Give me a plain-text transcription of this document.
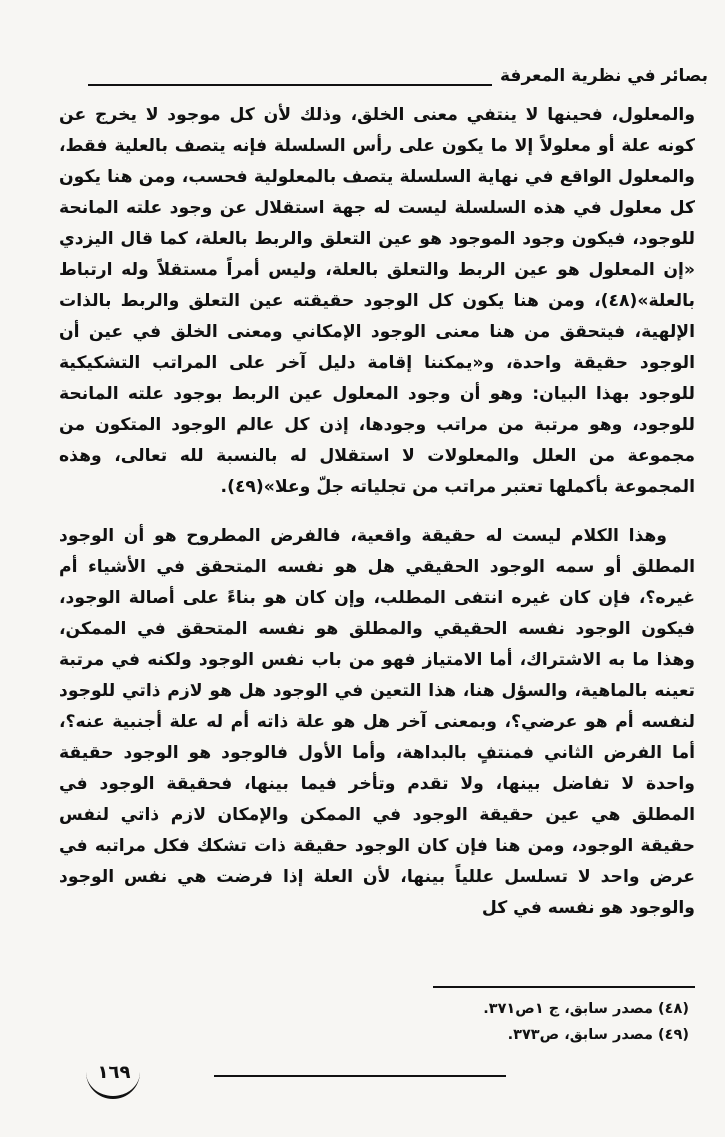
بصائر في نظرية المعرفة

والمعلول، فحينها لا ينتفي معنى الخلق، وذلك لأن كل موجود لا يخرج عن كونه علة أو معلولاً إلا ما يكون على رأس السلسلة فإنه يتصف بالعلية فقط، والمعلول الواقع في نهاية السلسلة يتصف بالمعلولية فحسب، ومن هنا يكون كل معلول في هذه السلسلة ليست له جهة استقلال عن وجود علته المانحة للوجود، فيكون وجود الموجود هو عين التعلق والربط بالعلة، كما قال اليزدي «إن المعلول هو عين الربط والتعلق بالعلة، وليس أمراً مستقلاً وله ارتباط بالعلة»(٤٨)، ومن هنا يكون كل الوجود حقيقته عين التعلق والربط بالذات الإلهية، فيتحقق من هنا معنى الوجود الإمكاني ومعنى الخلق في عين أن الوجود حقيقة واحدة، و«يمكننا إقامة دليل آخر على المراتب التشكيكية للوجود بهذا البيان: وهو أن وجود المعلول عين الربط بوجود علته المانحة للوجود، وهو مرتبة من مراتب وجودها، إذن كل عالم الوجود المتكون من مجموعة من العلل والمعلولات لا استقلال له بالنسبة لله تعالى، وهذه المجموعة بأكملها تعتبر مراتب من تجلياته جلّ وعلا»(٤٩).

وهذا الكلام ليست له حقيقة واقعية، فالفرض المطروح هو أن الوجود المطلق أو سمه الوجود الحقيقي هل هو نفسه المتحقق في الأشياء أم غيره؟، فإن كان غيره انتفى المطلب، وإن كان هو بناءً على أصالة الوجود، فيكون الوجود نفسه الحقيقي والمطلق هو نفسه المتحقق في الممكن، وهذا ما به الاشتراك، أما الامتياز فهو من باب نفس الوجود ولكنه في مرتبة تعينه بالماهية، والسؤل هنا، هذا التعين في الوجود هل هو لازم ذاتي للوجود لنفسه أم هو عرضي؟، وبمعنى آخر هل هو علة ذاته أم له علة أجنبية عنه؟، أما الفرض الثاني فمنتفٍ بالبداهة، وأما الأول فالوجود هو الوجود حقيقة واحدة لا تفاضل بينها، ولا تقدم وتأخر فيما بينها، فحقيقة الوجود في المطلق هي عين حقيقة الوجود في الممكن والإمكان لازم ذاتي لنفس حقيقة الوجود، ومن هنا فإن كان الوجود حقيقة ذات تشكك فكل مراتبه في عرض واحد لا تسلسل عللياً بينها، لأن العلة إذا فرضت هي نفس الوجود والوجود هو نفسه في كل

(٤٨) مصدر سابق، ج ١ص٣٧١.

(٤٩) مصدر سابق، ص٣٧٣.

١٦٩
